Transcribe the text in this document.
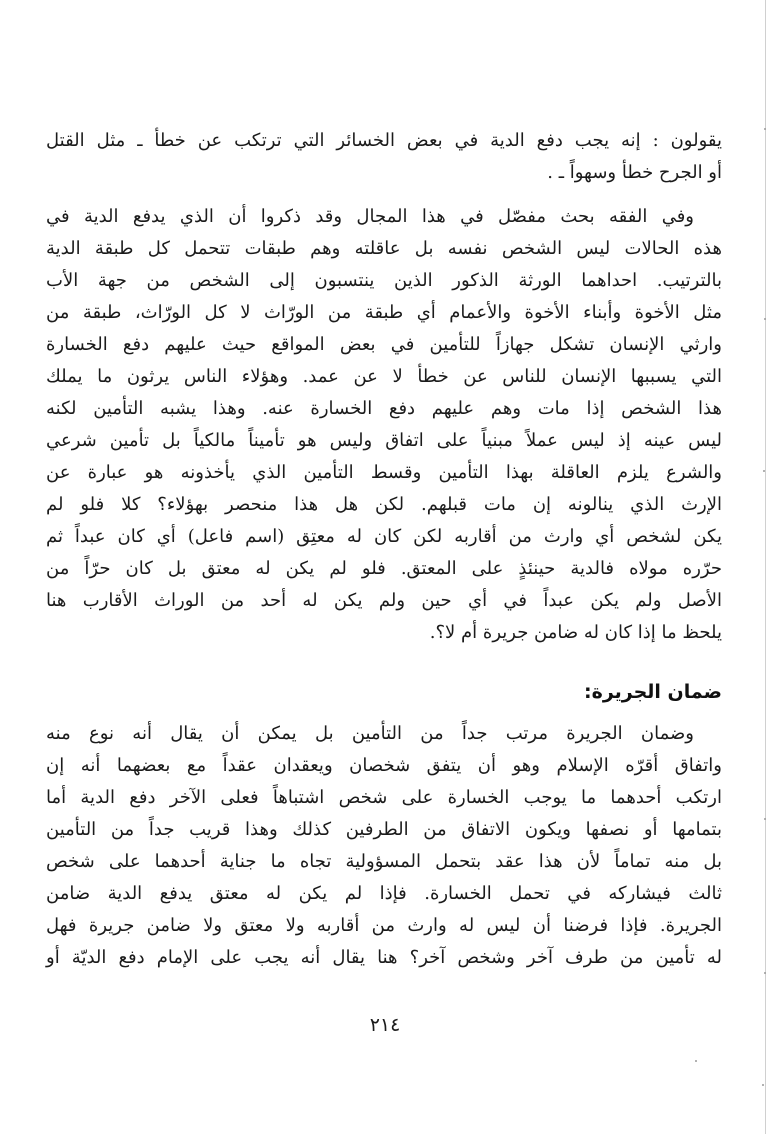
يقولون : إنه يجب دفع الدية في بعض الخسائر التي ترتكب عن خطأ ـ مثل القتل
أو الجرح خطأ وسهواً ـ .
وفي الفقه بحث مفصّل في هذا المجال وقد ذكروا أن الذي يدفع الدية في
هذه الحالات ليس الشخص نفسه بل عاقلته وهم طبقات تتحمل كل طبقة الدية
بالترتيب. احداهما الورثة الذكور الذين ينتسبون إلى الشخص من جهة الأب
مثل الأخوة وأبناء الأخوة والأعمام أي طبقة من الورّاث لا كل الورّاث، طبقة من
وارثي الإنسان تشكل جهازاً للتأمين في بعض المواقع حيث عليهم دفع الخسارة
التي يسببها الإنسان للناس عن خطأ لا عن عمد. وهؤلاء الناس يرثون ما يملك
هذا الشخص إذا مات وهم عليهم دفع الخسارة عنه. وهذا يشبه التأمين لكنه
ليس عينه إذ ليس عملاً مبنياً على اتفاق وليس هو تأميناً مالكياً بل تأمين شرعي
والشرع يلزم العاقلة بهذا التأمين وقسط التأمين الذي يأخذونه هو عبارة عن
الإرث الذي ينالونه إن مات قبلهم. لكن هل هذا منحصر بهؤلاء؟ كلا فلو لم
يكن لشخص أي وارث من أقاربه لكن كان له معتِق (اسم فاعل) أي كان عبداً ثم
حرّره مولاه فالدية حينئذٍ على المعتق. فلو لم يكن له معتق بل كان حرّاً من
الأصل ولم يكن عبداً في أي حين ولم يكن له أحد من الوراث الأقارب هنا
يلحظ ما إذا كان له ضامن جريرة أم لا؟.
ضمان الجريرة:
وضمان الجريرة مرتب جداً من التأمين بل يمكن أن يقال أنه نوع منه
واتفاق أقرّه الإسلام وهو أن يتفق شخصان ويعقدان عقداً مع بعضهما أنه إن
ارتكب أحدهما ما يوجب الخسارة على شخص اشتباهاً فعلى الآخر دفع الدية أما
بتمامها أو نصفها ويكون الاتفاق من الطرفين كذلك وهذا قريب جداً من التأمين
بل منه تماماً لأن هذا عقد بتحمل المسؤولية تجاه ما جناية أحدهما على شخص
ثالث فيشاركه في تحمل الخسارة. فإذا لم يكن له معتق يدفع الدية ضامن
الجريرة. فإذا فرضنا أن ليس له وارث من أقاربه ولا معتق ولا ضامن جريرة فهل
له تأمين من طرف آخر وشخص آخر؟ هنا يقال أنه يجب على الإمام دفع الديّة أو
٢١٤
